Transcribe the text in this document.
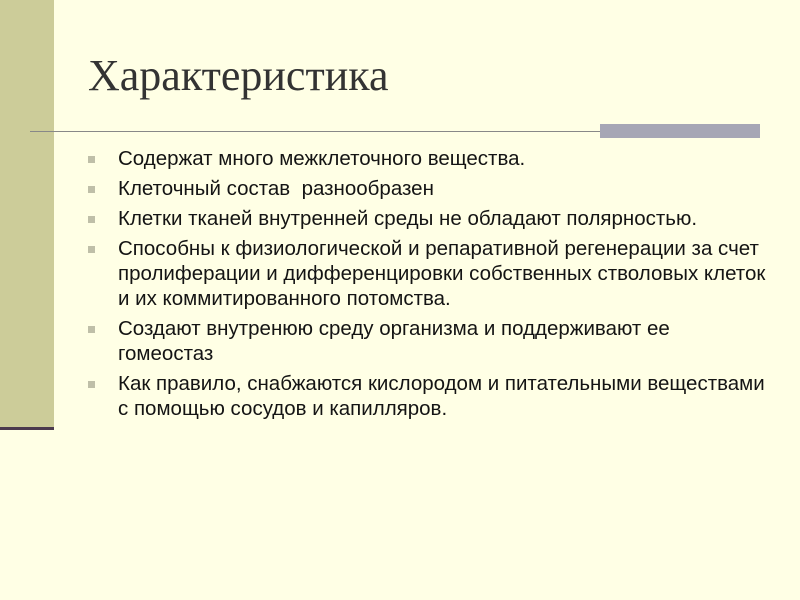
Характеристика
Содержат много межклеточного вещества.
Клеточный состав  разнообразен
Клетки тканей внутренней среды не обладают полярностью.
Способны к физиологической и репаративной регенерации за счет пролиферации и дифференцировки собственных стволовых клеток и их коммитированного потомства.
Создают внутренюю среду организма и поддерживают ее гомеостаз
Как правило, снабжаются кислородом и питательными веществами с помощью сосудов и капилляров.
